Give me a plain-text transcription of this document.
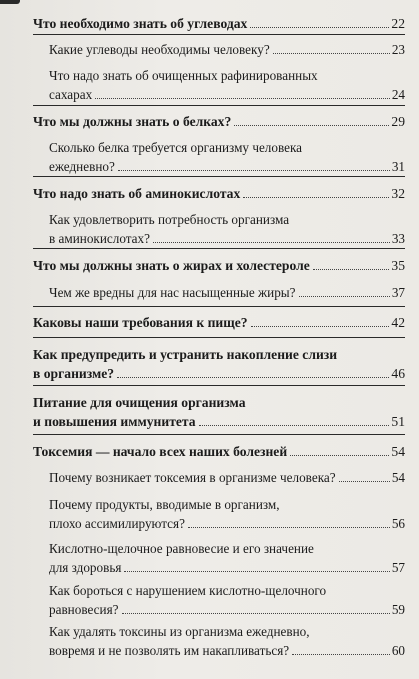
Что необходимо знать об углеводах	22
Какие углеводы необходимы человеку?	23
Что надо знать об очищенных рафинированных
сахарах	24
Что мы должны знать о белках?	29
Сколько белка требуется организму человека
ежедневно?	31
Что надо знать об аминокислотах	32
Как удовлетворить потребность организма
в аминокислотах?	33
Что мы должны знать о жирах и холестероле	35
Чем же вредны для нас насыщенные жиры?	37
Каковы наши требования к пище?	42
Как предупредить и устранить накопление слизи
в организме?	46
Питание для очищения организма
и повышения иммунитета	51
Токсемия — начало всех наших болезней	54
Почему возникает токсемия в организме человека?	54
Почему продукты, вводимые в организм,
плохо ассимилируются?	56
Кислотно-щелочное равновесие и его значение
для здоровья	57
Как бороться с нарушением кислотно-щелочного
равновесия?	59
Как удалять токсины из организма ежедневно,
вовремя и не позволять им накапливаться?	60
